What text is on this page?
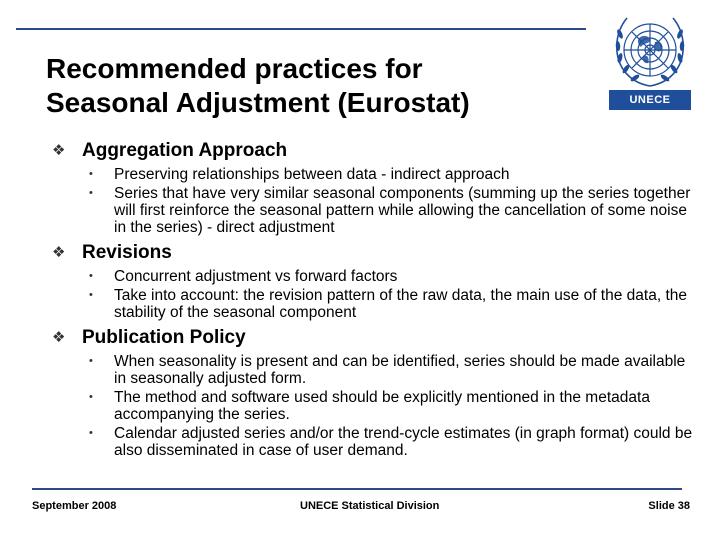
Recommended practices for
Seasonal Adjustment (Eurostat)	UNECE
❖ Aggregation Approach
• Preserving relationships between data - indirect approach
• Series that have very similar seasonal components (summing up the series together will first reinforce the seasonal pattern while allowing the cancellation of some noise in the series) - direct adjustment
❖ Revisions
• Concurrent adjustment vs forward factors
• Take into account: the revision pattern of the raw data, the main use of the data, the stability of the seasonal component
❖ Publication Policy
• When seasonality is present and can be identified, series should be made available in seasonally adjusted form.
• The method and software used should be explicitly mentioned in the metadata accompanying the series.
• Calendar adjusted series and/or the trend-cycle estimates (in graph format) could be also disseminated in case of user demand.
September 2008	UNECE Statistical Division	Slide 38
